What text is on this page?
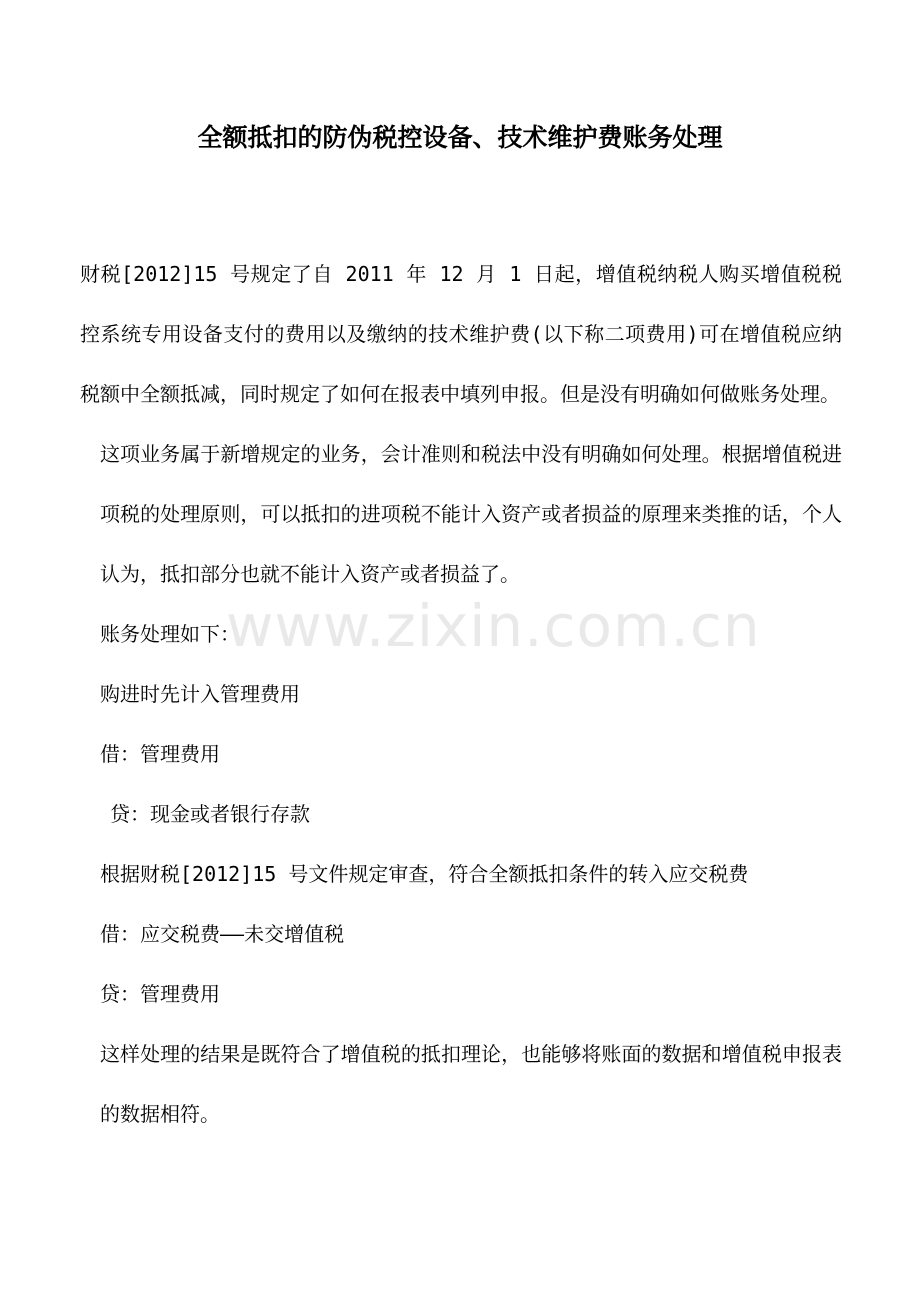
全额抵扣的防伪税控设备、技术维护费账务处理

财税[2012]15 号规定了自 2011 年 12 月 1 日起，增值税纳税人购买增值税税控系统专用设备支付的费用以及缴纳的技术维护费(以下称二项费用)可在增值税应纳税额中全额抵减，同时规定了如何在报表中填列申报。但是没有明确如何做账务处理。

这项业务属于新增规定的业务，会计准则和税法中没有明确如何处理。根据增值税进项税的处理原则，可以抵扣的进项税不能计入资产或者损益的原理来类推的话，个人认为，抵扣部分也就不能计入资产或者损益了。

账务处理如下：

购进时先计入管理费用

借：管理费用

贷：现金或者银行存款

根据财税[2012]15 号文件规定审查，符合全额抵扣条件的转入应交税费

借：应交税费——未交增值税

贷：管理费用

这样处理的结果是既符合了增值税的抵扣理论，也能够将账面的数据和增值税申报表的数据相符。

www.zixin.com.cn
